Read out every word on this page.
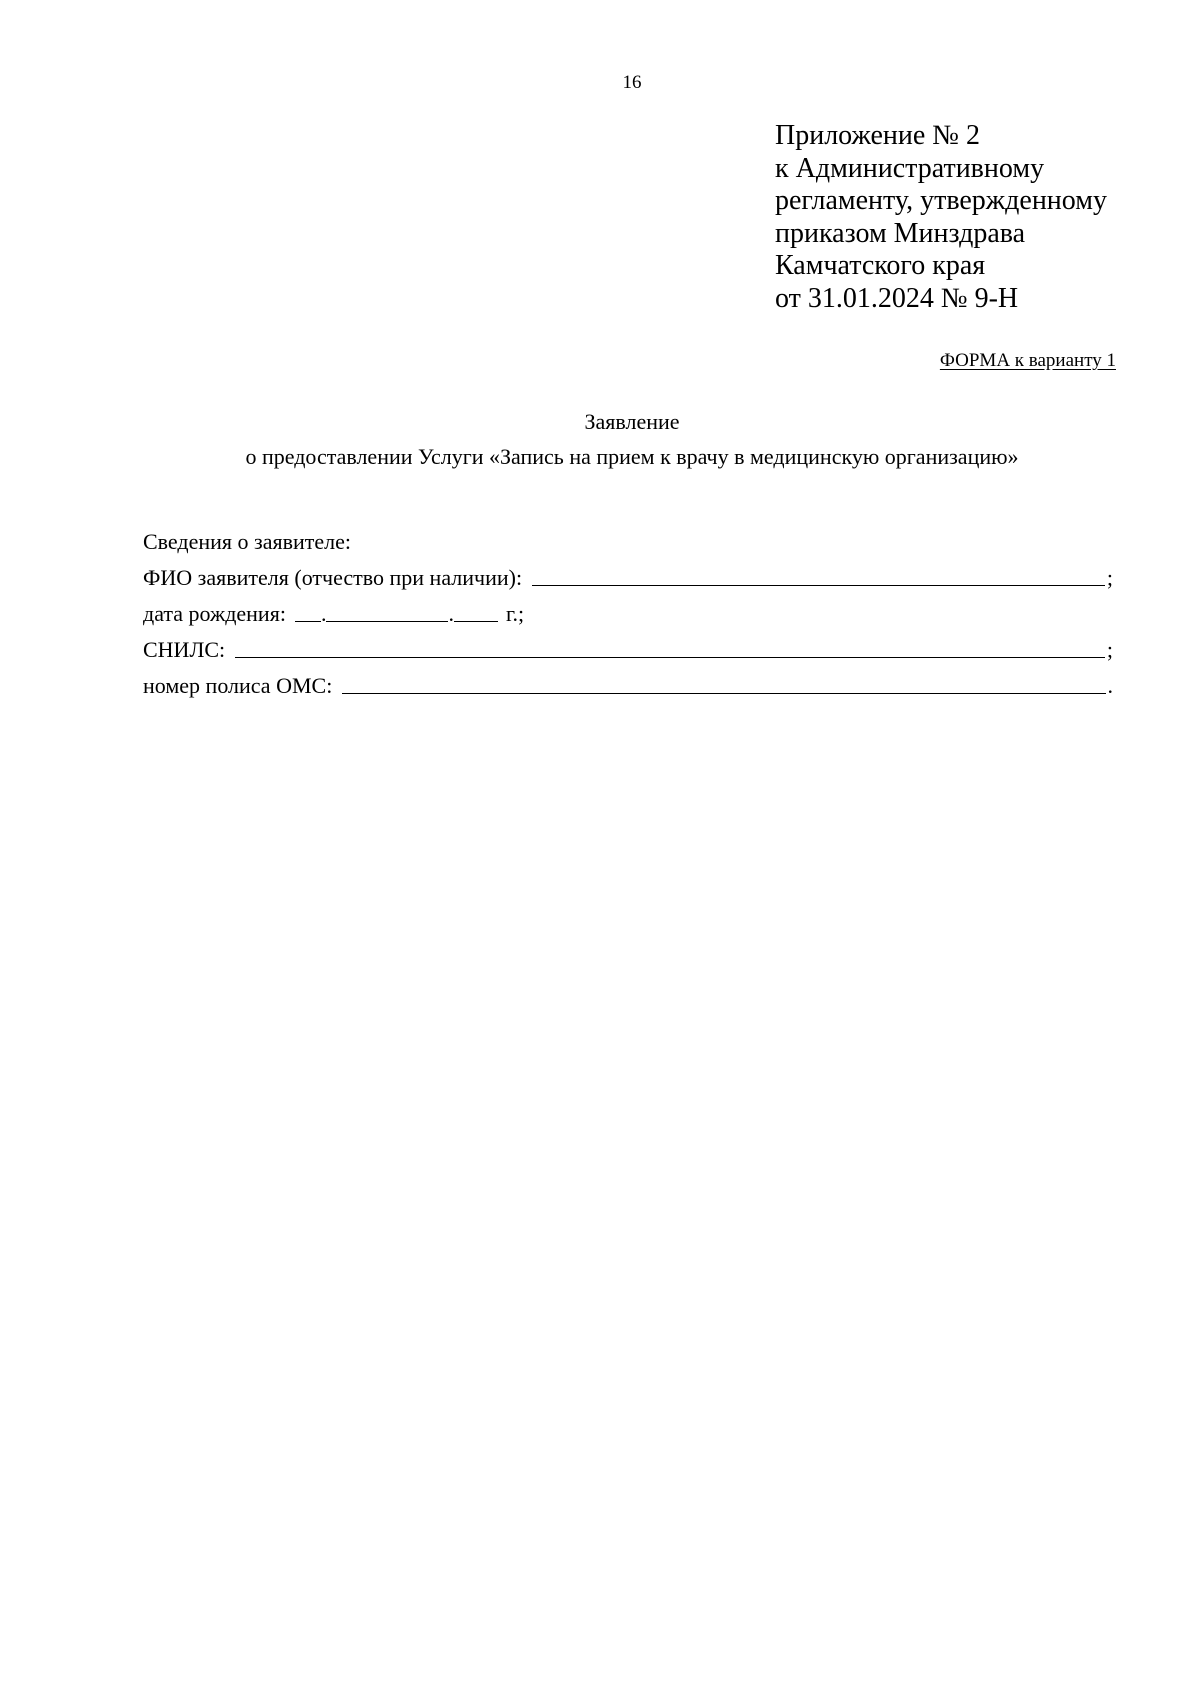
16
Приложение № 2
к Административному
регламенту, утвержденному
приказом Минздрава
Камчатского края
от 31.01.2024 № 9-Н
ФОРМА к варианту 1
Заявление
о предоставлении Услуги «Запись на прием к врачу в медицинскую организацию»
Сведения о заявителе:
ФИО заявителя (отчество при наличии):	;
дата рождения: .	. г.;
СНИЛС:	;
номер полиса ОМС:	.
